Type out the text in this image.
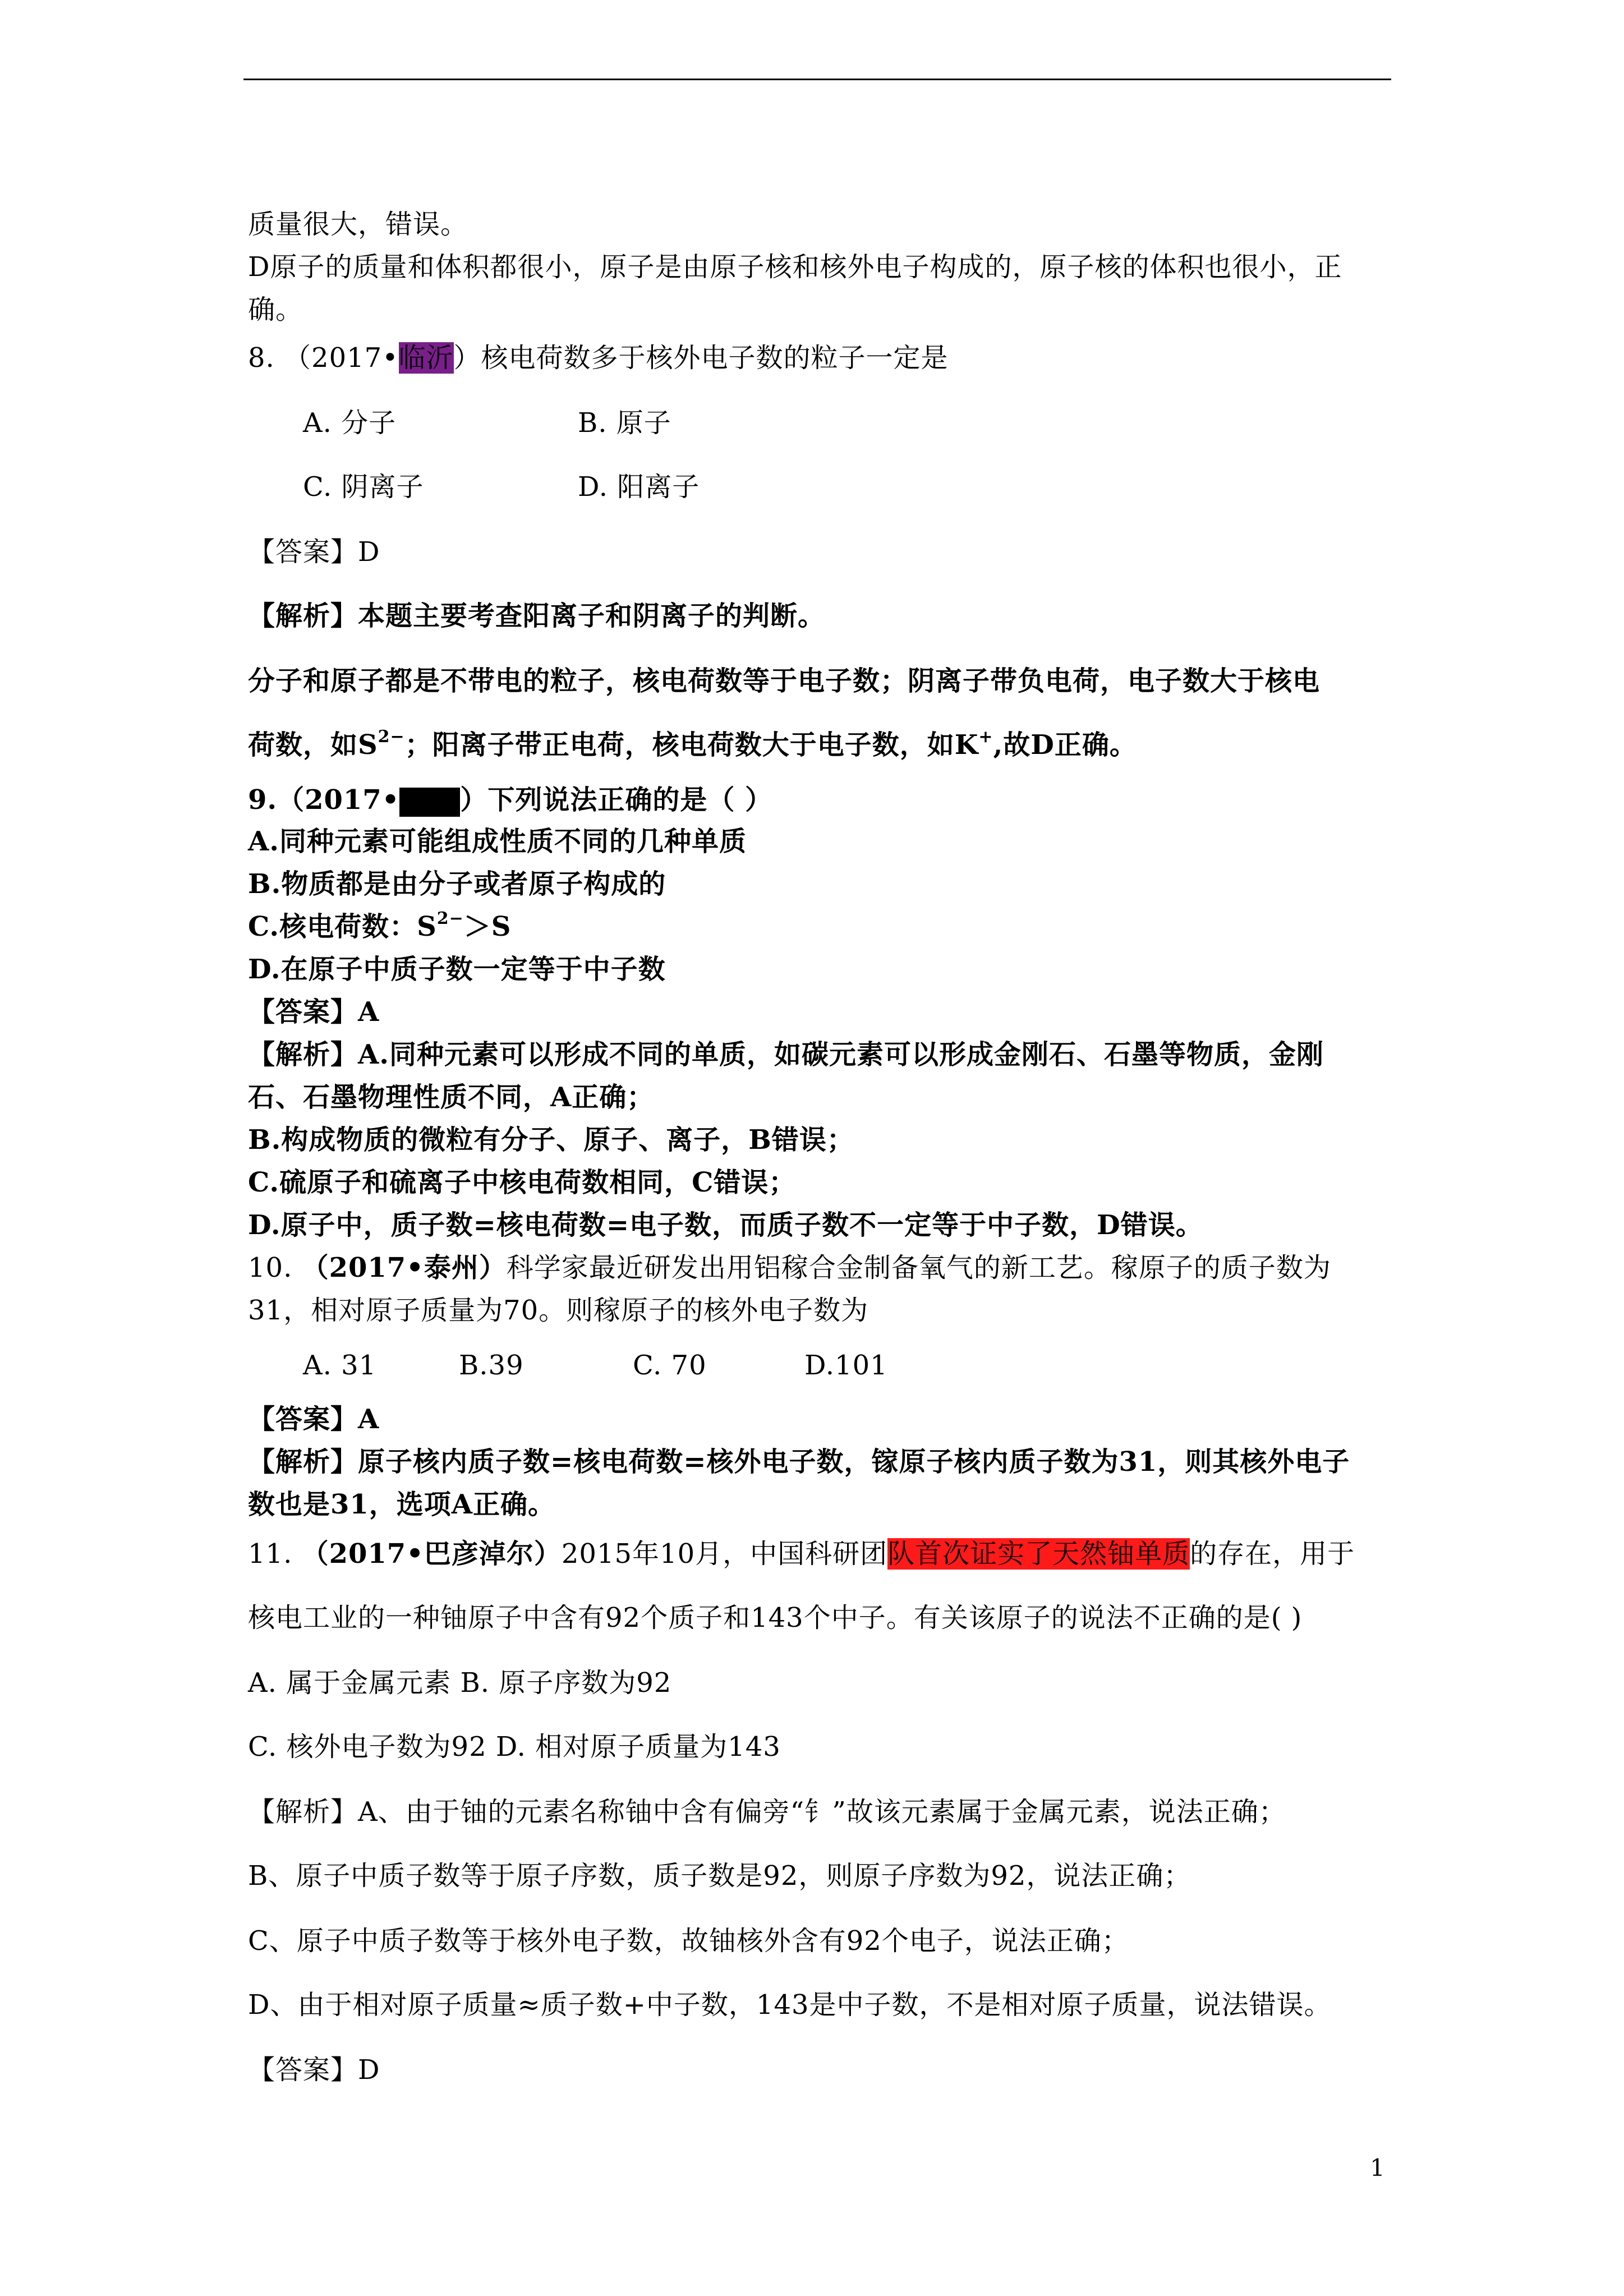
质量很大，错误。
D原子的质量和体积都很小，原子是由原子核和核外电子构成的，原子核的体积也很小，正
确。
8. （2017•临沂）核电荷数多于核外电子数的粒子一定是
A. 分子	B. 原子
C. 阴离子	D. 阳离子
【答案】D
【解析】本题主要考查阳离子和阴离子的判断。
分子和原子都是不带电的粒子，核电荷数等于电子数；阴离子带负电荷，电子数大于核电
荷数，如$S^{2-}$；阳离子带正电荷，核电荷数大于电子数，如K+,故D正确。
9.（2017• ）下列说法正确的是（ ）
A.同种元素可能组成性质不同的几种单质
B.物质都是由分子或者原子构成的
C.核电荷数：$S^{2-}>S$
D.在原子中质子数一定等于中子数
【答案】A
【解析】A.同种元素可以形成不同的单质，如碳元素可以形成金刚石、石墨等物质，金刚
石、石墨物理性质不同，A正确；
B.构成物质的微粒有分子、原子、离子，B错误；
C.硫原子和硫离子中核电荷数相同，C错误；
D.原子中，质子数=核电荷数=电子数，而质子数不一定等于中子数，D错误。
10. （2017•泰州）科学家最近研发出用铝稼合金制备氧气的新工艺。稼原子的质子数为
31，相对原子质量为70。则稼原子的核外电子数为
A. 31	B.39	C. 70	D.101
【答案】A
【解析】原子核内质子数=核电荷数=核外电子数，镓原子核内质子数为31，则其核外电子
数也是31，选项A正确。
11. （2017•巴彦淖尔）2015年10月，中国科研团队首次证实了天然铀单质的存在，用于
核电工业的一种铀原子中含有92个质子和143个中子。有关该原子的说法不正确的是( )
A. 属于金属元素 B. 原子序数为92
C. 核外电子数为92 D. 相对原子质量为143
【解析】A、由于铀的元素名称铀中含有偏旁“钅”故该元素属于金属元素，说法正确；
B、原子中质子数等于原子序数，质子数是92，则原子序数为92，说法正确；
C、原子中质子数等于核外电子数，故铀核外含有92个电子，说法正确；
D、由于相对原子质量≈质子数+中子数，143是中子数，不是相对原子质量，说法错误。
【答案】D
1
